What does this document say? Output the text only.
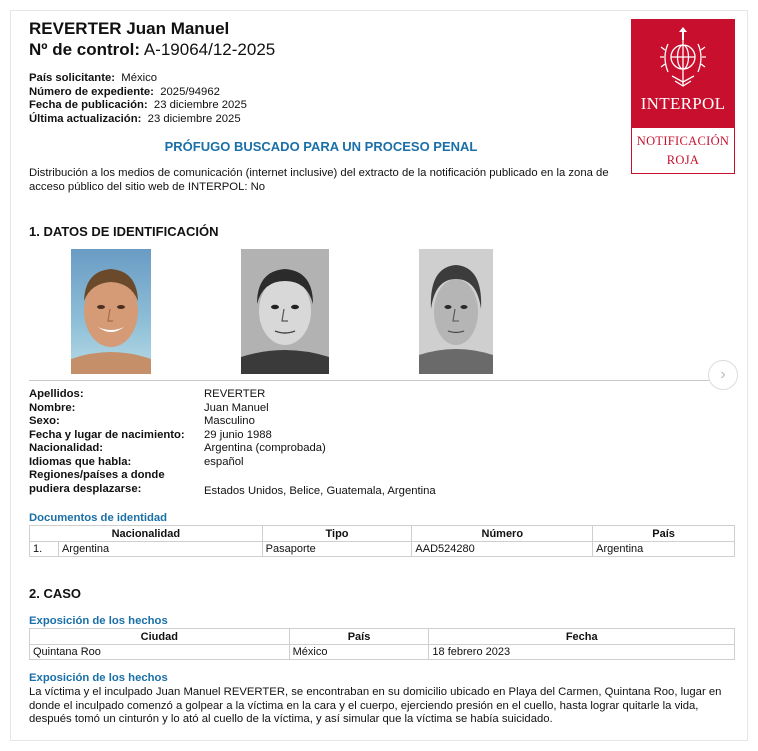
REVERTER Juan Manuel
Nº de control: A-19064/12-2025
País solicitante: México
Número de expediente: 2025/94962
Fecha de publicación: 23 diciembre 2025
Última actualización: 23 diciembre 2025
INTERPOL
NOTIFICACIÓN
ROJA
PRÓFUGO BUSCADO PARA UN PROCESO PENAL
Distribución a los medios de comunicación (internet inclusive) del extracto de la notificación publicado en la zona de acceso público del sitio web de INTERPOL: No
1. DATOS DE IDENTIFICACIÓN
›
Apellidos:	REVERTER
Nombre:	Juan Manuel
Sexo:	Masculino
Fecha y lugar de nacimiento:	29 junio 1988
Nacionalidad:	Argentina (comprobada)
Idiomas que habla:	español
Regiones/países a donde pudiera desplazarse:	Estados Unidos, Belice, Guatemala, Argentina
Documentos de identidad
Nacionalidad		Tipo	Número	País
1.	Argentina	Pasaporte	AAD524280	Argentina
2. CASO
Exposición de los hechos
Ciudad	País	Fecha
Quintana Roo	México	18 febrero 2023
Exposición de los hechos
La víctima y el inculpado Juan Manuel REVERTER, se encontraban en su domicilio ubicado en Playa del Carmen, Quintana Roo, lugar en donde el inculpado comenzó a golpear a la víctima en la cara y el cuerpo, ejerciendo presión en el cuello, hasta lograr quitarle la vida, después tomó un cinturón y lo ató al cuello de la víctima, y así simular que la víctima se había suicidado.
